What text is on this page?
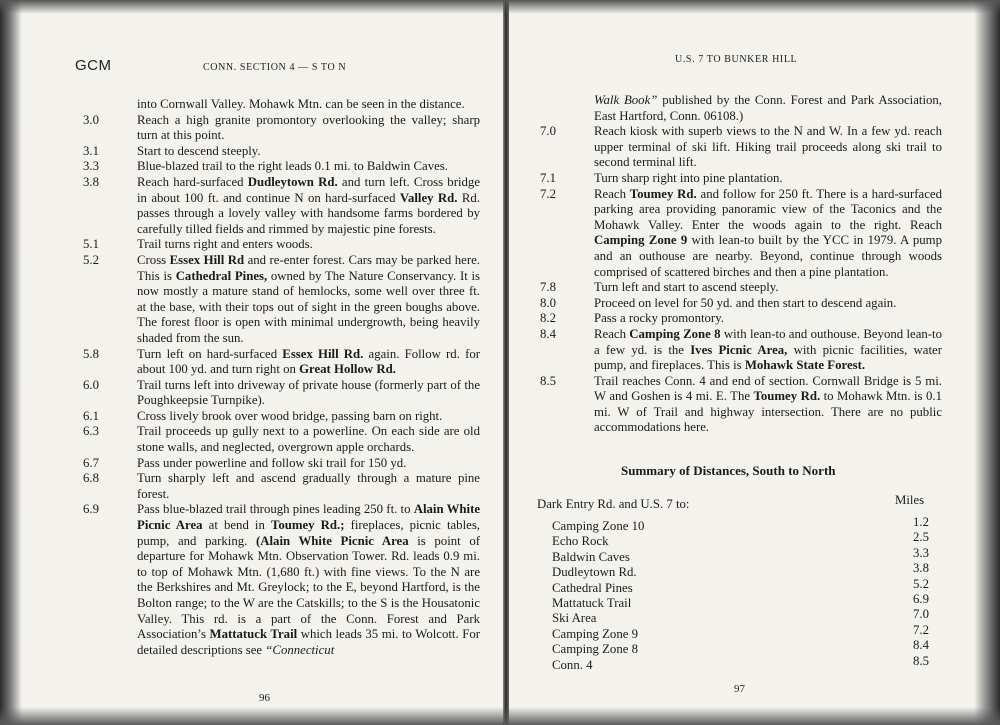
GCM	CONN. SECTION 4 — S TO N
U.S. 7 TO BUNKER HILL
into Cornwall Valley. Mohawk Mtn. can be seen in the distance.
3.0	Reach a high granite promontory overlooking the valley; sharp turn at this point.
3.1	Start to descend steeply.
3.3	Blue-blazed trail to the right leads 0.1 mi. to Baldwin Caves.
3.8	Reach hard-surfaced Dudleytown Rd. and turn left. Cross bridge in about 100 ft. and continue N on hard-surfaced Valley Rd. Rd. passes through a lovely valley with handsome farms bordered by carefully tilled fields and rimmed by majestic pine forests.
5.1	Trail turns right and enters woods.
5.2	Cross Essex Hill Rd and re-enter forest. Cars may be parked here. This is Cathedral Pines, owned by The Nature Conservancy. It is now mostly a mature stand of hemlocks, some well over three ft. at the base, with their tops out of sight in the green boughs above. The forest floor is open with minimal undergrowth, being heavily shaded from the sun.
5.8	Turn left on hard-surfaced Essex Hill Rd. again. Follow rd. for about 100 yd. and turn right on Great Hollow Rd.
6.0	Trail turns left into driveway of private house (formerly part of the Poughkeepsie Turnpike).
6.1	Cross lively brook over wood bridge, passing barn on right.
6.3	Trail proceeds up gully next to a powerline. On each side are old stone walls, and neglected, overgrown apple orchards.
6.7	Pass under powerline and follow ski trail for 150 yd.
6.8	Turn sharply left and ascend gradually through a mature pine forest.
6.9	Pass blue-blazed trail through pines leading 250 ft. to Alain White Picnic Area at bend in Toumey Rd.; fireplaces, picnic tables, pump, and parking. (Alain White Picnic Area is point of departure for Mohawk Mtn. Observation Tower. Rd. leads 0.9 mi. to top of Mohawk Mtn. (1,680 ft.) with fine views. To the N are the Berkshires and Mt. Greylock; to the E, beyond Hartford, is the Bolton range; to the W are the Catskills; to the S is the Housatonic Valley. This rd. is a part of the Conn. Forest and Park Association’s Mattatuck Trail which leads 35 mi. to Wolcott. For detailed descriptions see “Connecticut
Walk Book” published by the Conn. Forest and Park Association, East Hartford, Conn. 06108.)
7.0	Reach kiosk with superb views to the N and W. In a few yd. reach upper terminal of ski lift. Hiking trail proceeds along ski trail to second terminal lift.
7.1	Turn sharp right into pine plantation.
7.2	Reach Toumey Rd. and follow for 250 ft. There is a hard-surfaced parking area providing panoramic view of the Taconics and the Mohawk Valley. Enter the woods again to the right. Reach Camping Zone 9 with lean-to built by the YCC in 1979. A pump and an outhouse are nearby. Beyond, continue through woods comprised of scattered birches and then a pine plantation.
7.8	Turn left and start to ascend steeply.
8.0	Proceed on level for 50 yd. and then start to descend again.
8.2	Pass a rocky promontory.
8.4	Reach Camping Zone 8 with lean-to and outhouse. Beyond lean-to a few yd. is the Ives Picnic Area, with picnic facilities, water pump, and fireplaces. This is Mohawk State Forest.
8.5	Trail reaches Conn. 4 and end of section. Cornwall Bridge is 5 mi. W and Goshen is 4 mi. E. The Toumey Rd. to Mohawk Mtn. is 0.1 mi. W of Trail and highway intersection. There are no public accommodations here.
Summary of Distances, South to North
Dark Entry Rd. and U.S. 7 to:	Miles
Camping Zone 10	1.2
Echo Rock	2.5
Baldwin Caves	3.3
Dudleytown Rd.	3.8
Cathedral Pines	5.2
Mattatuck Trail	6.9
Ski Area	7.0
Camping Zone 9	7.2
Camping Zone 8	8.4
Conn. 4	8.5
96
97
